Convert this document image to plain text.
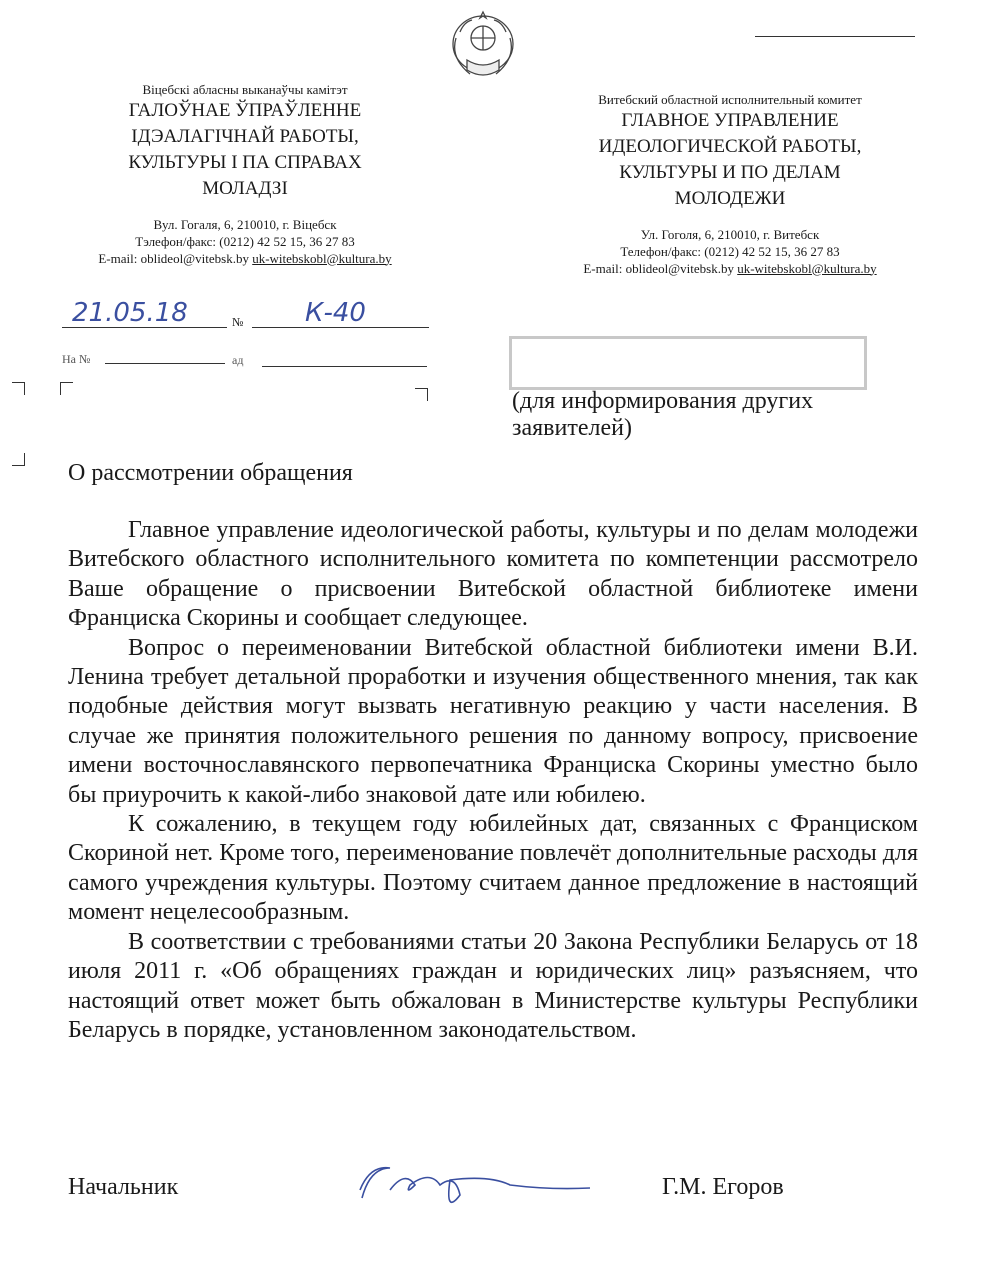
Віцебскі абласны выканаўчы камітэт
ГАЛОЎНАЕ ЎПРАЎЛЕННЕ
ІДЭАЛАГІЧНАЙ РАБОТЫ,
КУЛЬТУРЫ І ПА СПРАВАХ
МОЛАДЗІ
Вул. Гогаля, 6, 210010, г. Віцебск
Тэлефон/факс: (0212) 42 52 15, 36 27 83
E-mail: oblideol@vitebsk.by uk-witebskobl@kultura.by
Витебский областной исполнительный комитет
ГЛАВНОЕ УПРАВЛЕНИЕ
ИДЕОЛОГИЧЕСКОЙ РАБОТЫ,
КУЛЬТУРЫ И ПО ДЕЛАМ
МОЛОДЕЖИ
Ул. Гоголя, 6, 210010, г. Витебск
Телефон/факс: (0212) 42 52 15, 36 27 83
E-mail: oblideol@vitebsk.by uk-witebskobl@kultura.by
21.05.18	№ К-40
На №	ад
(для информирования других заявителей)
О рассмотрении обращения

Главное управление идеологической работы, культуры и по делам молодежи Витебского областного исполнительного комитета по компетенции рассмотрело Ваше обращение о присвоении Витебской областной библиотеке имени Франциска Скорины и сообщает следующее.

Вопрос о переименовании Витебской областной библиотеки имени В.И. Ленина требует детальной проработки и изучения общественного мнения, так как подобные действия могут вызвать негативную реакцию у части населения. В случае же принятия положительного решения по данному вопросу, присвоение имени восточнославянского первопечатника Франциска Скорины уместно было бы приурочить к какой-либо знаковой дате или юбилею.

К сожалению, в текущем году юбилейных дат, связанных с Франциском Скориной нет. Кроме того, переименование повлечёт дополнительные расходы для самого учреждения культуры. Поэтому считаем данное предложение в настоящий момент нецелесообразным.

В соответствии с требованиями статьи 20 Закона Республики Беларусь от 18 июля 2011 г. «Об обращениях граждан и юридических лиц» разъясняем, что настоящий ответ может быть обжалован в Министерстве культуры Республики Беларусь в порядке, установленном законодательством.

Начальник	Г.М. Егоров
